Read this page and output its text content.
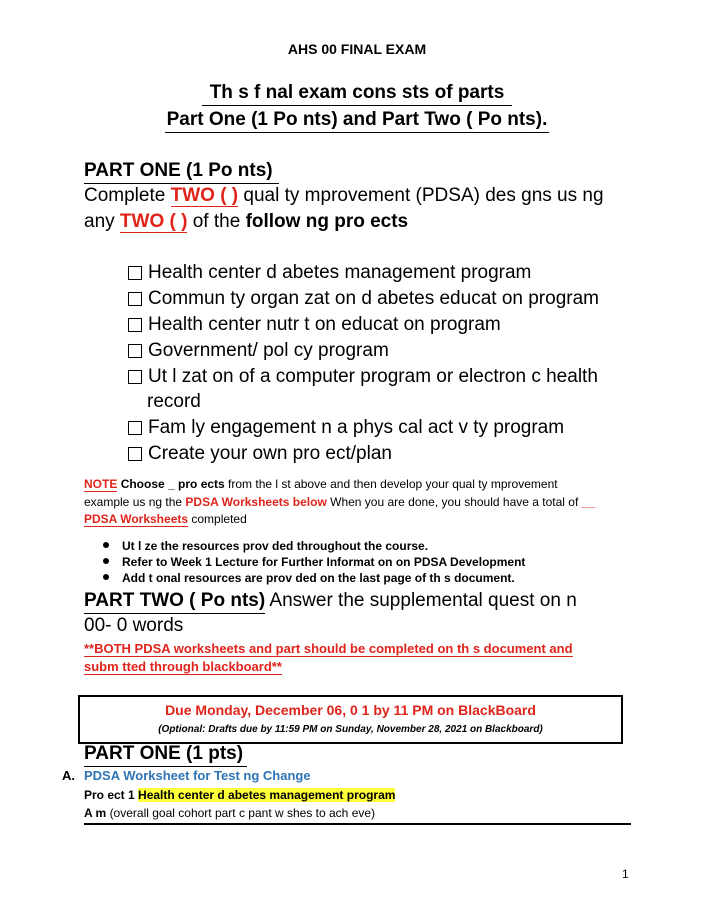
AHS 00 FINAL EXAM
Th s f nal exam cons sts of parts
Part One (1 Po nts) and Part Two ( Po nts).
PART ONE (1 Po nts)
Complete TWO ( ) qual ty mprovement (PDSA) des gns us ng
any TWO ( ) of the follow ng pro ects
Health center d abetes management program
Commun ty organ zat on d abetes educat on program
Health center nutr t on educat on program
Government/ pol cy program
Ut l zat on of a computer program or electron c health
record
Fam ly engagement n a phys cal act v ty program
Create your own pro ect/plan
NOTE Choose _ pro ects from the l st above and then develop your qual ty mprovement
example us ng the PDSA Worksheets below When you are done, you should have a total of __
PDSA Worksheets completed
Ut l ze the resources prov ded throughout the course.
Refer to Week 1 Lecture for Further Informat on on PDSA Development
Add t onal resources are prov ded on the last page of th s document.
PART TWO ( Po nts) Answer the supplemental quest on n
00- 0 words
**BOTH PDSA worksheets and part should be completed on th s document and
subm tted through blackboard**
Due Monday, December 06, 0 1 by 11 PM on BlackBoard
(Optional: Drafts due by 11:59 PM on Sunday, November 28, 2021 on Blackboard)
PART ONE (1 pts)
A. PDSA Worksheet for Test ng Change
Pro ect 1 Health center d abetes management program
A m (overall goal cohort part c pant w shes to ach eve)
1
